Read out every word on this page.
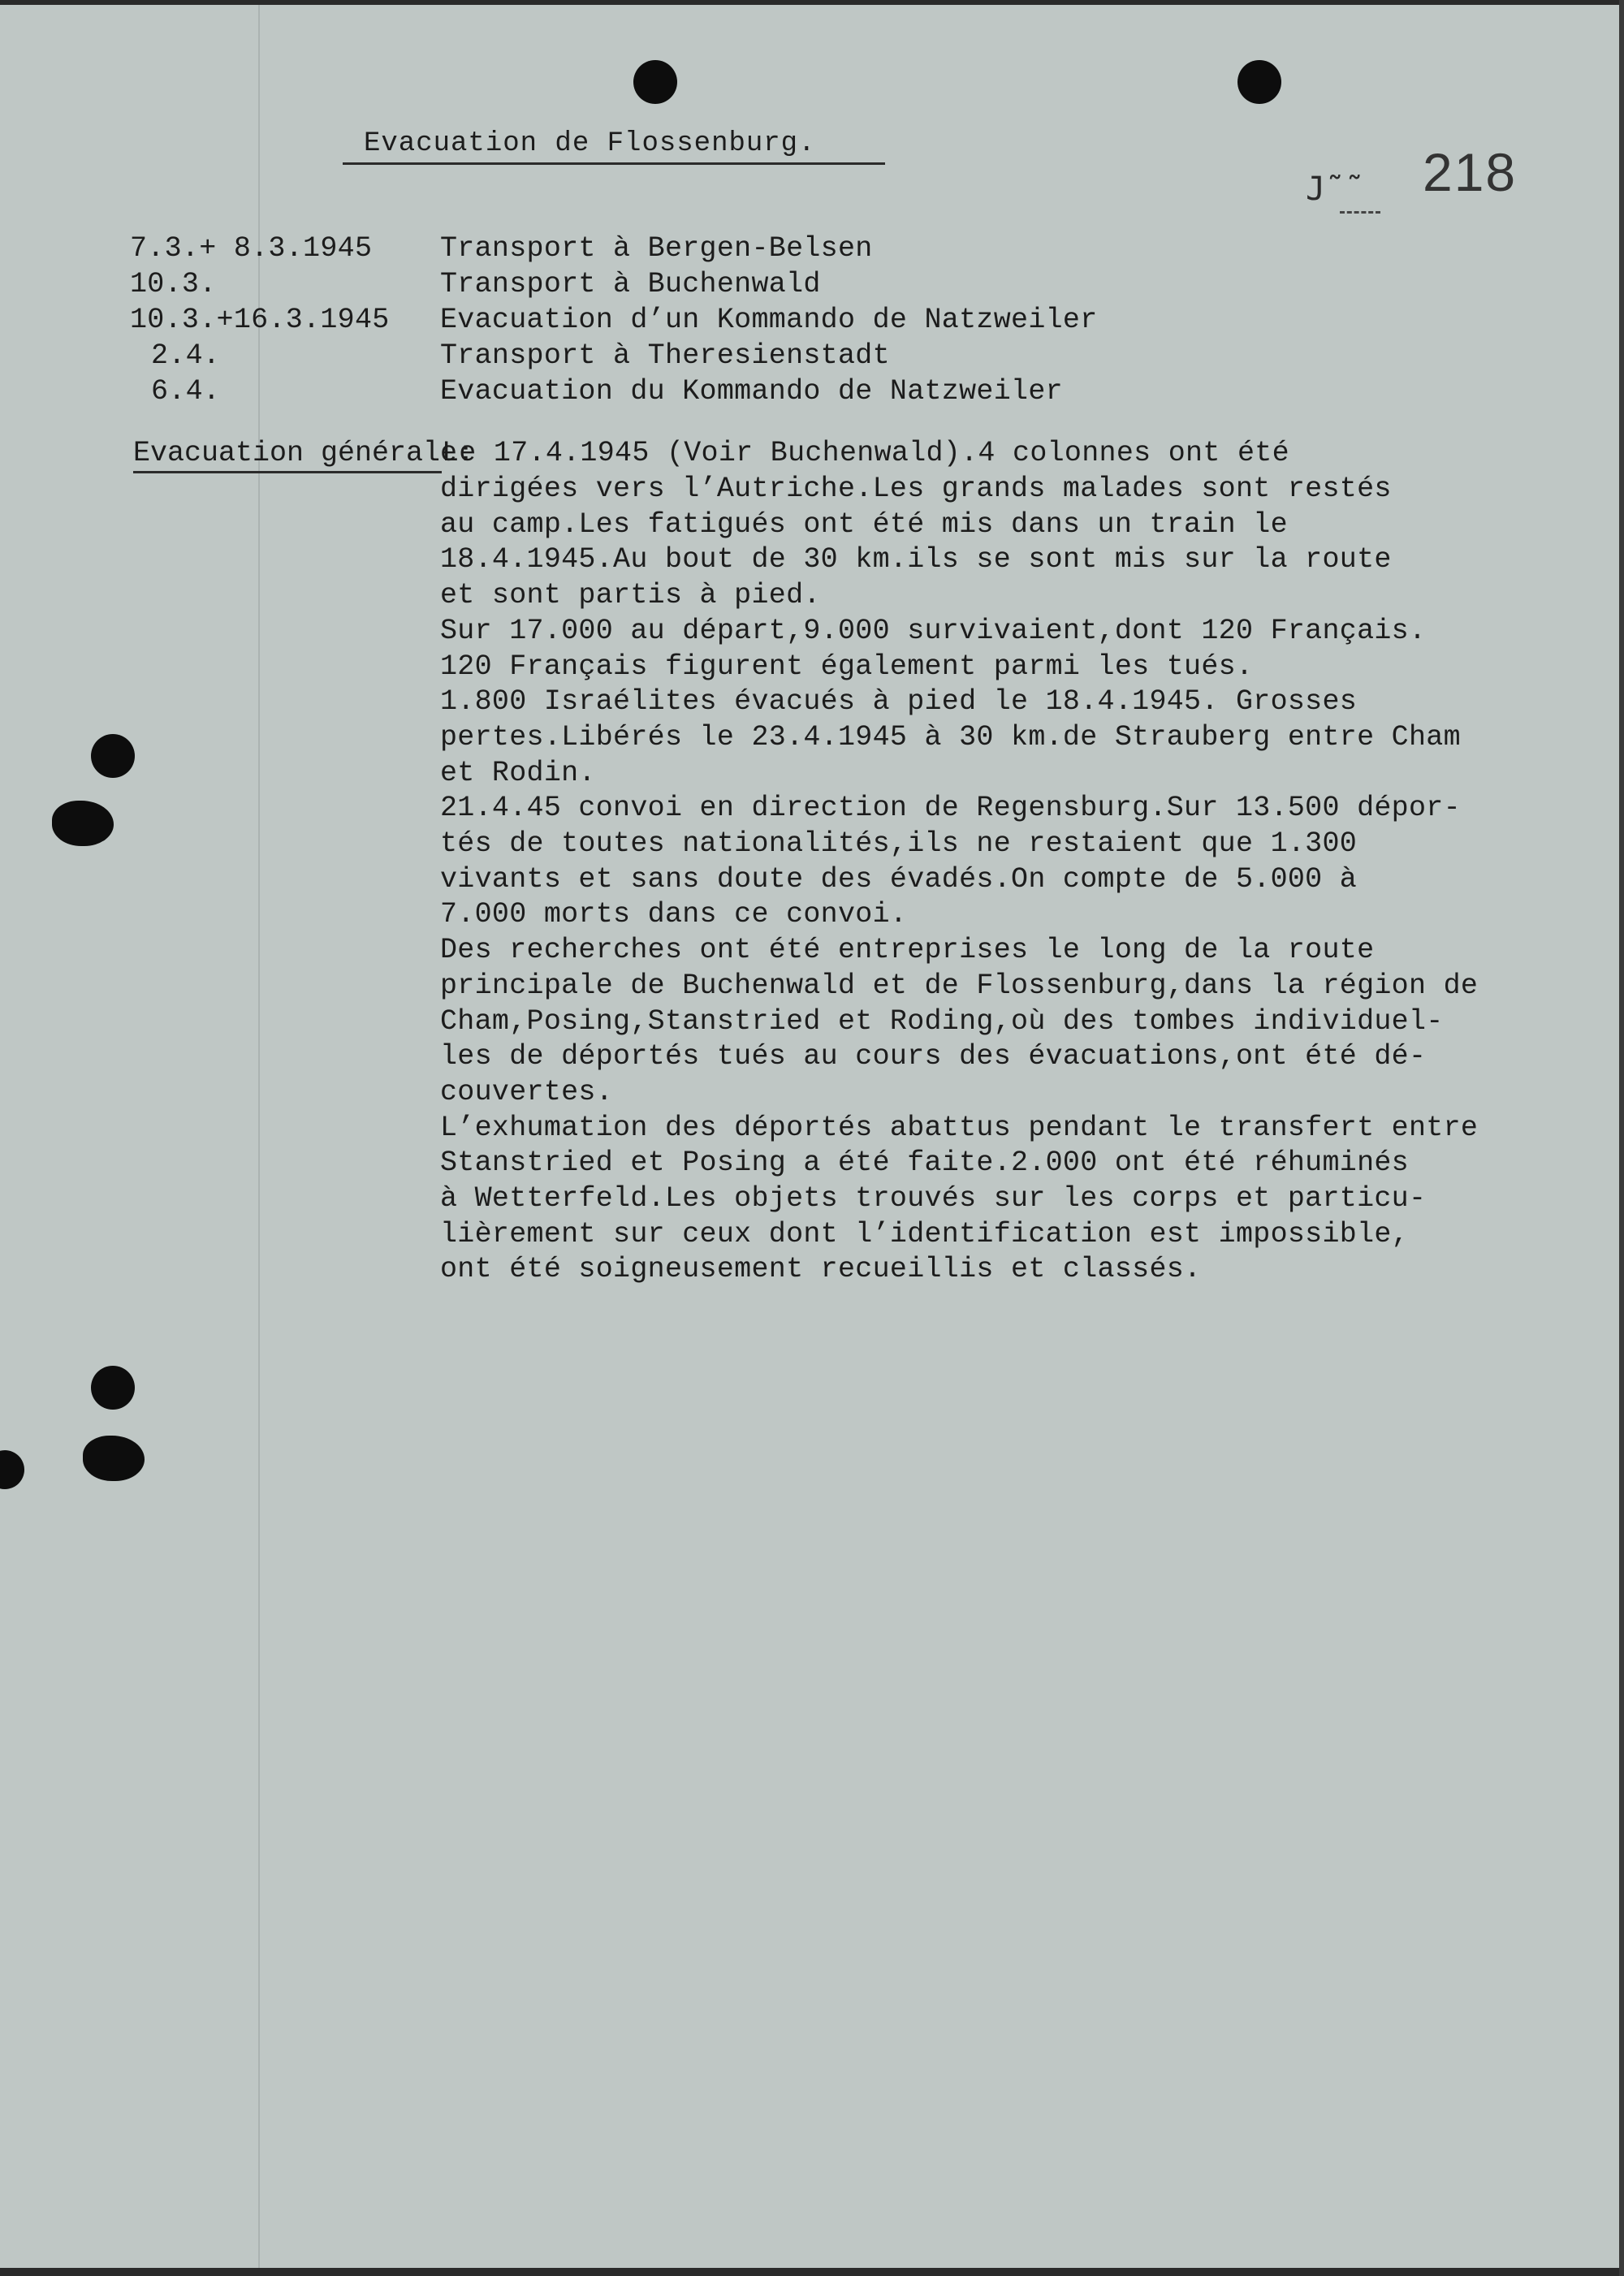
Evacuation de Flossenburg.
J˜˜ 218
7.3.+ 8.3.1945 Transport à Bergen-Belsen
10.3.	Transport à Buchenwald
10.3.+16.3.1945 Evacuation d’un Kommando de Natzweiler
2.4.	Transport à Theresienstadt
6.4.	Evacuation du Kommando de Natzweiler
Evacuation générale:
Le 17.4.1945 (Voir Buchenwald).4 colonnes ont été
dirigées vers l’Autriche.Les grands malades sont restés
au camp.Les fatigués ont été mis dans un train le
18.4.1945.Au bout de 30 km.ils se sont mis sur la route
et sont partis à pied.
Sur 17.000 au départ,9.000 survivaient,dont 120 Français.
120 Français figurent également parmi les tués.
1.800 Israélites évacués à pied le 18.4.1945. Grosses
pertes.Libérés le 23.4.1945 à 30 km.de Strauberg entre Cham
et Rodin.
21.4.45 convoi en direction de Regensburg.Sur 13.500 dépor-
tés de toutes nationalités,ils ne restaient que 1.300
vivants et sans doute des évadés.On compte de 5.000 à
7.000 morts dans ce convoi.
Des recherches ont été entreprises le long de la route
principale de Buchenwald et de Flossenburg,dans la région de
Cham,Posing,Stanstried et Roding,où des tombes individuel-
les de déportés tués au cours des évacuations,ont été dé-
couvertes.
L’exhumation des déportés abattus pendant le transfert entre
Stanstried et Posing a été faite.2.000 ont été réhuminés
à Wetterfeld.Les objets trouvés sur les corps et particu-
lièrement sur ceux dont l’identification est impossible,
ont été soigneusement recueillis et classés.
